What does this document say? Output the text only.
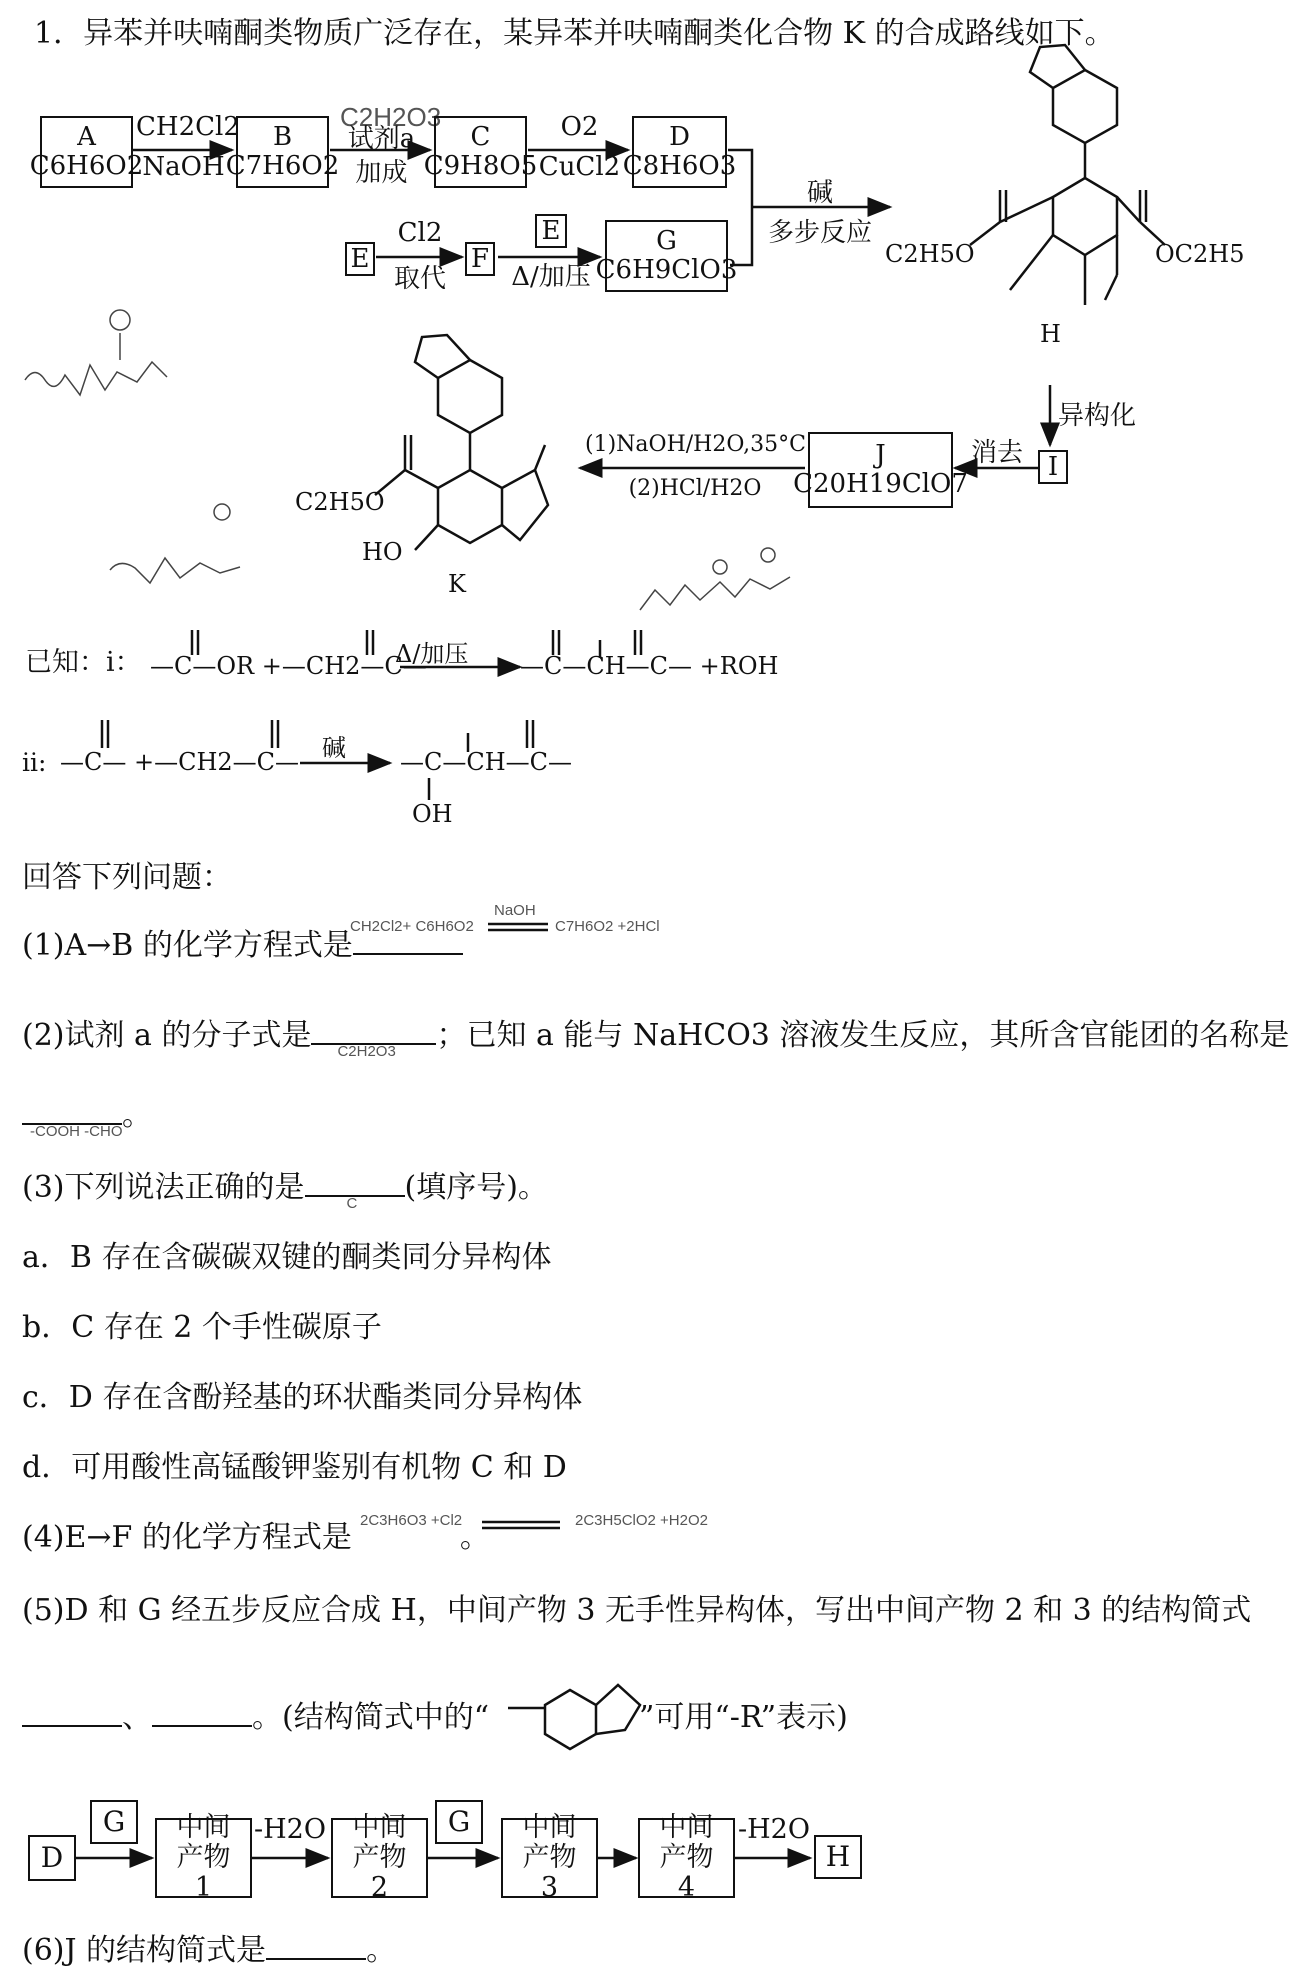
1．异苯并呋喃酮类物质广泛存在，某异苯并呋喃酮类化合物 K 的合成路线如下。
A
C6H6O2
CH2Cl2
NaOH
B
C7H6O2
C2H2O3
试剂a
加成
C
C9H8O5
O2
CuCl2
D
C8H6O3
E
Cl2
取代
F
E
Δ/加压
G
C6H9ClO3
碱
多步反应
C2H5O	OC2H5
H
异构化
I
消去
J
C20H19ClO7
(1)NaOH/H2O,35°C
(2)HCl/H2O
C2H5O
HO
K
已知：i： —C—OR +—CH2—C—
Δ/加压 —C—CH—C— +ROH
ii: —C— +—CH2—C— 碱 —C—CH—C—
OH
回答下列问题：
(1)A→B 的化学方程式是
CH2Cl2+ C6H6O2
NaOH
C7H6O2 +2HCl
(2)试剂 a 的分子式是 C2H2O3 ；已知 a 能与 NaHCO3 溶液发生反应，其所含官能团的名称是
-COOH -CHO 。
(3)下列说法正确的是	C (填序号)。
a．B 存在含碳碳双键的酮类同分异构体
b．C 存在 2 个手性碳原子
c．D 存在含酚羟基的环状酯类同分异构体
d．可用酸性高锰酸钾鉴别有机物 C 和 D
(4)E→F 的化学方程式是	。
2C3H6O3 +Cl2	2C3H5ClO2 +H2O2
(5)D 和 G 经五步反应合成 H，中间产物 3 无手性异构体，写出中间产物 2 和 3 的结构简式
、	。(结构简式中的“	”可用“-R”表示)
D
G 中间产物1
-H2O 中间产物2
G 中间产物3
中间产物4
-H2O
H
(6)J 的结构简式是	。
